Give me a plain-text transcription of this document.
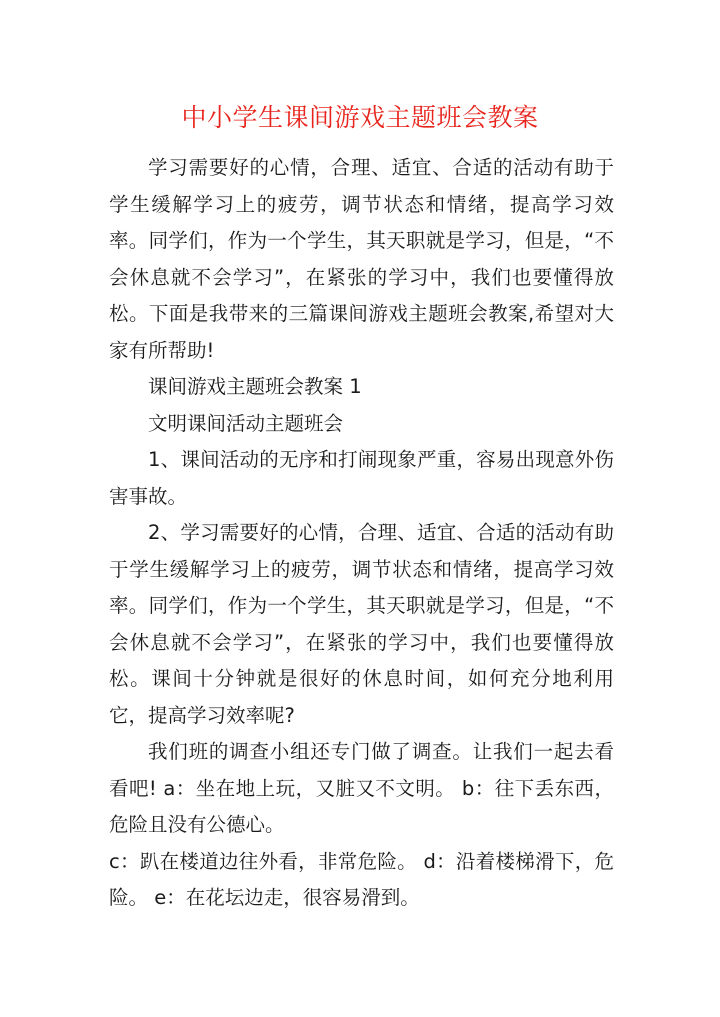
中小学生课间游戏主题班会教案

学习需要好的心情，合理、适宜、合适的活动有助于学生缓解学习上的疲劳，调节状态和情绪，提高学习效率。同学们，作为一个学生，其天职就是学习，但是，“不会休息就不会学习”，在紧张的学习中，我们也要懂得放松。下面是我带来的三篇课间游戏主题班会教案,希望对大家有所帮助!

课间游戏主题班会教案 1

文明课间活动主题班会

1、课间活动的无序和打闹现象严重，容易出现意外伤害事故。

2、学习需要好的心情，合理、适宜、合适的活动有助于学生缓解学习上的疲劳，调节状态和情绪，提高学习效率。同学们，作为一个学生，其天职就是学习，但是，“不会休息就不会学习”，在紧张的学习中，我们也要懂得放松。课间十分钟就是很好的休息时间，如何充分地利用它，提高学习效率呢?

我们班的调查小组还专门做了调查。让我们一起去看看吧! a：坐在地上玩，又脏又不文明。 b：往下丢东西，危险且没有公德心。

c：趴在楼道边往外看，非常危险。 d：沿着楼梯滑下，危险。 e：在花坛边走，很容易滑到。
